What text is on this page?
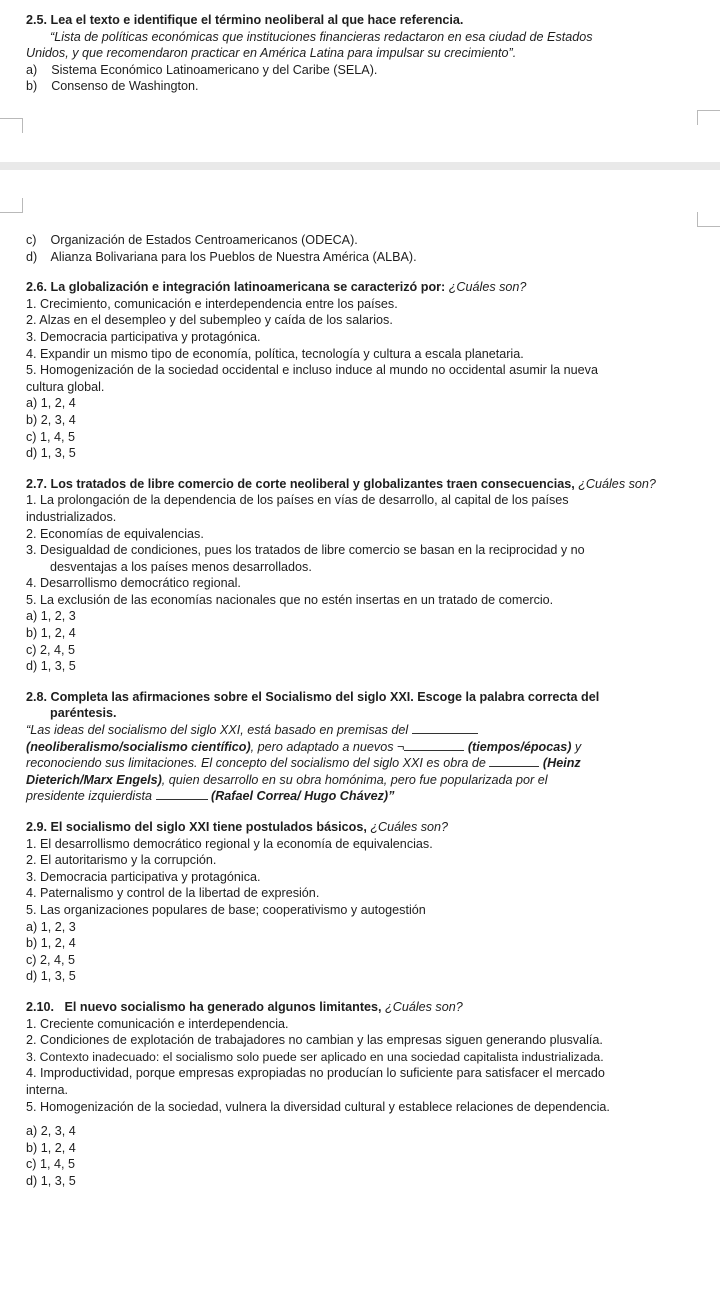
2.5. Lea el texto e identifique el término neoliberal al que hace referencia.

“Lista de políticas económicas que instituciones financieras redactaron en esa ciudad de Estados

Unidos, y que recomendaron practicar en América Latina para impulsar su crecimiento”.

a) Sistema Económico Latinoamericano y del Caribe (SELA).

b) Consenso de Washington.

c) Organización de Estados Centroamericanos (ODECA).

d) Alianza Bolivariana para los Pueblos de Nuestra América (ALBA).

2.6. La globalización e integración latinoamericana se caracterizó por: ¿Cuáles son?

1. Crecimiento, comunicación e interdependencia entre los países.

2. Alzas en el desempleo y del subempleo y caída de los salarios.

3. Democracia participativa y protagónica.

4. Expandir un mismo tipo de economía, política, tecnología y cultura a escala planetaria.

5. Homogenización de la sociedad occidental e incluso induce al mundo no occidental asumir la nueva

cultura global.

a) 1, 2, 4

b) 2, 3, 4

c) 1, 4, 5

d) 1, 3, 5

2.7. Los tratados de libre comercio de corte neoliberal y globalizantes traen consecuencias, ¿Cuáles son?

1. La prolongación de la dependencia de los países en vías de desarrollo, al capital de los países

industrializados.

2. Economías de equivalencias.

3. Desigualdad de condiciones, pues los tratados de libre comercio se basan en la reciprocidad y no

desventajas a los países menos desarrollados.

4. Desarrollismo democrático regional.

5. La exclusión de las economías nacionales que no estén insertas en un tratado de comercio.

a) 1, 2, 3

b) 1, 2, 4

c) 2, 4, 5

d) 1, 3, 5

2.8. Completa las afirmaciones sobre el Socialismo del siglo XXI. Escoge la palabra correcta del

paréntesis.

“Las ideas del socialismo del siglo XXI, está basado en premisas del

(neoliberalismo/socialismo científico), pero adaptado a nuevos ¬	(tiempos/épocas) y

reconociendo sus limitaciones. El concepto del socialismo del siglo XXI es obra de	(Heinz

Dieterich/Marx Engels), quien desarrollo en su obra homónima, pero fue popularizada por el

presidente izquierdista	(Rafael Correa/ Hugo Chávez)”

2.9. El socialismo del siglo XXI tiene postulados básicos, ¿Cuáles son?

1. El desarrollismo democrático regional y la economía de equivalencias.

2. El autoritarismo y la corrupción.

3. Democracia participativa y protagónica.

4. Paternalismo y control de la libertad de expresión.

5. Las organizaciones populares de base; cooperativismo y autogestión

a) 1, 2, 3

b) 1, 2, 4

c) 2, 4, 5

d) 1, 3, 5

2.10.   El nuevo socialismo ha generado algunos limitantes, ¿Cuáles son?

1. Creciente comunicación e interdependencia.

2. Condiciones de explotación de trabajadores no cambian y las empresas siguen generando plusvalía.

3. Contexto inadecuado: el socialismo solo puede ser aplicado en una sociedad capitalista industrializada.

4. Improductividad, porque empresas expropiadas no producían lo suficiente para satisfacer el mercado

interna.

5. Homogenización de la sociedad, vulnera la diversidad cultural y establece relaciones de dependencia.

a) 2, 3, 4

b) 1, 2, 4

c) 1, 4, 5

d) 1, 3, 5
